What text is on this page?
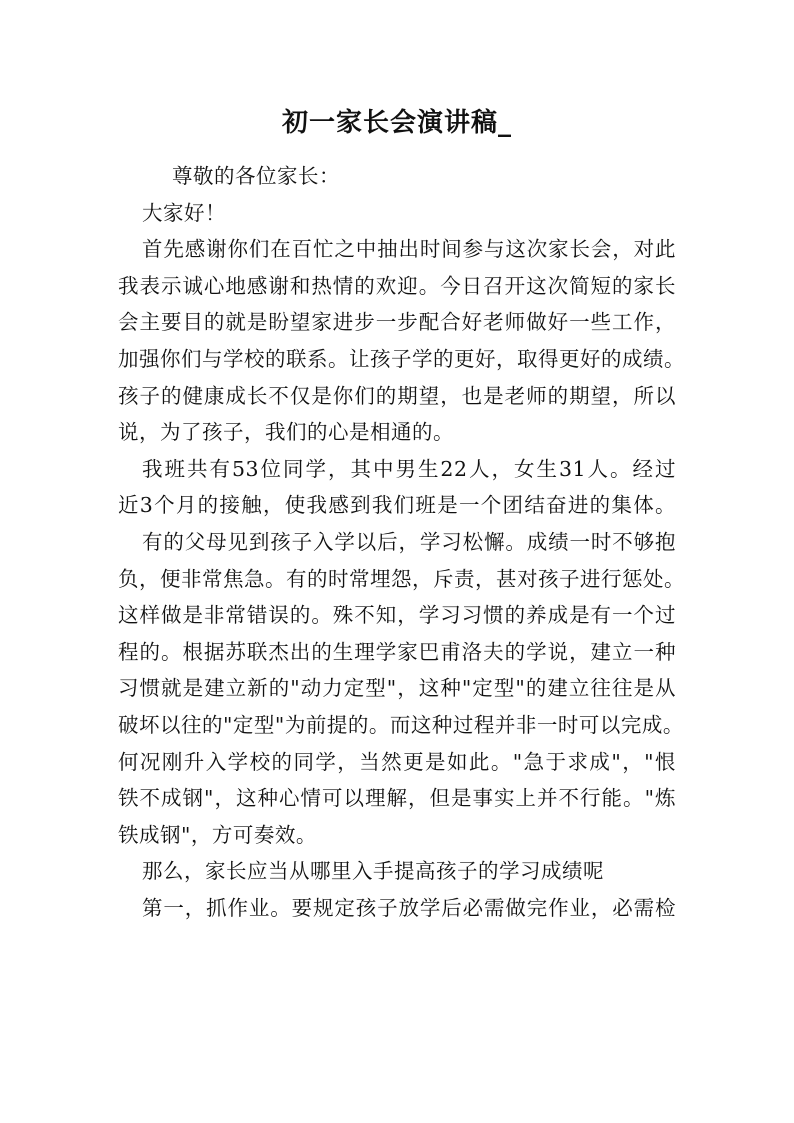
初一家长会演讲稿_

尊敬的各位家长：

大家好！

首先感谢你们在百忙之中抽出时间参与这次家长会，对此

我表示诚心地感谢和热情的欢迎。今日召开这次简短的家长

会主要目的就是盼望家进步一步配合好老师做好一些工作，

加强你们与学校的联系。让孩子学的更好，取得更好的成绩。

孩子的健康成长不仅是你们的期望，也是老师的期望，所以

说，为了孩子，我们的心是相通的。

我班共有53位同学，其中男生22人，女生31人。经过

近3个月的接触，使我感到我们班是一个团结奋进的集体。

有的父母见到孩子入学以后，学习松懈。成绩一时不够抱

负，便非常焦急。有的时常埋怨，斥责，甚对孩子进行惩处。

这样做是非常错误的。殊不知，学习习惯的养成是有一个过

程的。根据苏联杰出的生理学家巴甫洛夫的学说，建立一种

习惯就是建立新的"动力定型"，这种"定型"的建立往往是从

破坏以往的"定型"为前提的。而这种过程并非一时可以完成。

何况刚升入学校的同学，当然更是如此。"急于求成"，"恨

铁不成钢"，这种心情可以理解，但是事实上并不行能。"炼

铁成钢"，方可奏效。

那么，家长应当从哪里入手提高孩子的学习成绩呢

第一，抓作业。要规定孩子放学后必需做完作业，必需检
